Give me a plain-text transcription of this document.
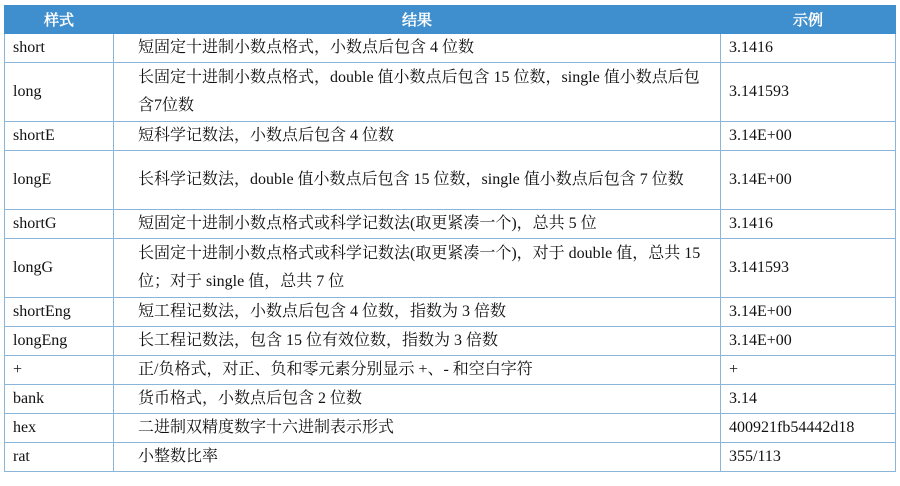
样式	结果	示例
short	短固定十进制小数点格式，小数点后包含 4 位数	3.1416
long	长固定十进制小数点格式，double 值小数点后包含 15 位数，single 值小数点后包含7位数	3.141593
shortE	短科学记数法，小数点后包含 4 位数	3.14E+00
longE	长科学记数法，double 值小数点后包含 15 位数，single 值小数点后包含 7 位数	3.14E+00
shortG	短固定十进制小数点格式或科学记数法(取更紧凑一个)，总共 5 位	3.1416
longG	长固定十进制小数点格式或科学记数法(取更紧凑一个)，对于 double 值，总共 15 位；对于 single 值，总共 7 位	3.141593
shortEng	短工程记数法，小数点后包含 4 位数，指数为 3 倍数	3.14E+00
longEng	长工程记数法，包含 15 位有效位数，指数为 3 倍数	3.14E+00
+	正/负格式，对正、负和零元素分别显示 +、- 和空白字符	+
bank	货币格式，小数点后包含 2 位数	3.14
hex	二进制双精度数字十六进制表示形式	400921fb54442d18
rat	小整数比率	355/113
